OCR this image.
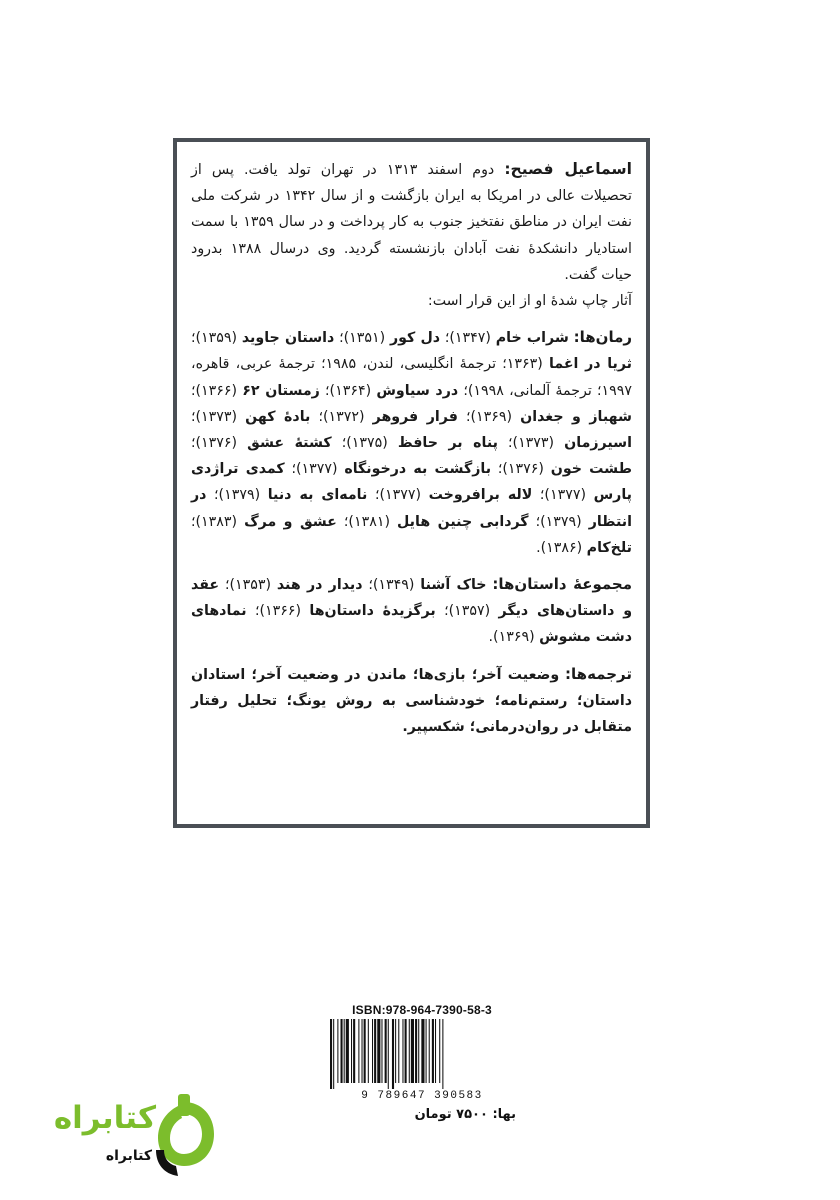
اسماعیل فصیح: دوم اسفند ۱۳۱۳ در تهران تولد یافت. پس از تحصیلات عالی در امریکا به ایران بازگشت و از سال ۱۳۴۲ در شرکت ملی نفت ایران در مناطق نفتخیز جنوب به کار پرداخت و در سال ۱۳۵۹ با سمت استادیار دانشکدهٔ نفت آبادان بازنشسته گردید. وی درسال ۱۳۸۸ بدرود حیات گفت.

آثار چاپ شدهٔ او از این قرار است:

رمان‌ها: شراب خام (۱۳۴۷)؛ دل کور (۱۳۵۱)؛ داستان جاوید (۱۳۵۹)؛ ثریا در اغما (۱۳۶۳؛ ترجمهٔ انگلیسی، لندن، ۱۹۸۵؛ ترجمهٔ عربی، قاهره، ۱۹۹۷؛ ترجمهٔ آلمانی، ۱۹۹۸)؛ درد سیاوش (۱۳۶۴)؛ زمستان ۶۲ (۱۳۶۶)؛ شهباز و جغدان (۱۳۶۹)؛ فرار فروهر (۱۳۷۲)؛ بادهٔ کهن (۱۳۷۳)؛ اسیرزمان (۱۳۷۳)؛ پناه بر حافظ (۱۳۷۵)؛ کشتهٔ عشق (۱۳۷۶)؛ طشت خون (۱۳۷۶)؛ بازگشت به درخونگاه (۱۳۷۷)؛ کمدی تراژدی پارس (۱۳۷۷)؛ لاله برافروخت (۱۳۷۷)؛ نامه‌ای به دنیا (۱۳۷۹)؛ در انتظار (۱۳۷۹)؛ گردابی چنین هایل (۱۳۸۱)؛ عشق و مرگ (۱۳۸۳)؛ تلخ‌کام (۱۳۸۶).

مجموعهٔ داستان‌ها: خاک آشنا (۱۳۴۹)؛ دیدار در هند (۱۳۵۳)؛ عقد و داستان‌های دیگر (۱۳۵۷)؛ برگزیدهٔ داستان‌ها (۱۳۶۶)؛ نمادهای دشت مشوش (۱۳۶۹).

ترجمه‌ها: وضعیت آخر؛ بازی‌ها؛ ماندن در وضعیت آخر؛ استادان داستان؛ رستم‌نامه؛ خودشناسی به روش یونگ؛ تحلیل رفتار متقابل در روان‌درمانی؛ شکسپیر.

ISBN:978-964-7390-58-3
9 789647 390583
بها: ۷۵۰۰ تومان
کتابراه
کتابراه
